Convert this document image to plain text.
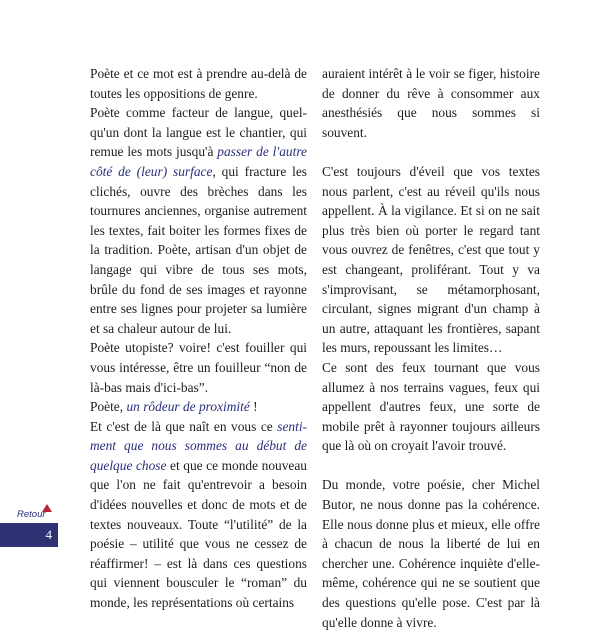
Poète et ce mot est à prendre au-delà de toutes les oppositions de genre.

Poète comme facteur de langue, quel-qu'un dont la langue est le chantier, qui remue les mots jusqu'à passer de l'autre côté de (leur) surface, qui fracture les clichés, ouvre des brèches dans les tournures anciennes, organise autrement les textes, fait boiter les formes fixes de la tradition. Poète, artisan d'un objet de langage qui vibre de tous ses mots, brûle du fond de ses images et rayonne entre ses lignes pour projeter sa lumière et sa chaleur autour de lui.

Poète utopiste? voire! c'est fouiller qui vous intéresse, être un fouilleur “non de là-bas mais d'ici-bas”.

Poète, un rôdeur de proximité !

Et c'est de là que naît en vous ce senti-ment que nous sommes au début de quelque chose et que ce monde nouveau que l'on ne fait qu'entrevoir a besoin d'idées nouvelles et donc de mots et de textes nouveaux. Toute “l'utilité” de la poésie – utilité que vous ne cessez de réaffirmer! – est là dans ces questions qui viennent bousculer le “roman” du monde, les représentations où certains

auraient intérêt à le voir se figer, histoire de donner du rêve à consommer aux anesthésiés que nous sommes si souvent.

C'est toujours d'éveil que vos textes nous parlent, c'est au réveil qu'ils nous appellent. À la vigilance. Et si on ne sait plus très bien où porter le regard tant vous ouvrez de fenêtres, c'est que tout y est changeant, proliférant. Tout y va s'improvisant, se métamorphosant, circulant, signes migrant d'un champ à un autre, attaquant les frontières, sapant les murs, repoussant les limites…

Ce sont des feux tournant que vous allumez à nos terrains vagues, feux qui appellent d'autres feux, une sorte de mobile prêt à rayonner toujours ailleurs que là où on croyait l'avoir trouvé.

Du monde, votre poésie, cher Michel Butor, ne nous donne pas la cohérence. Elle nous donne plus et mieux, elle offre à chacun de nous la liberté de lui en chercher une. Cohérence inquiète d'elle-même, cohérence qui ne se soutient que des questions qu'elle pose. C'est par là qu'elle donne à vivre.

Retour
4
